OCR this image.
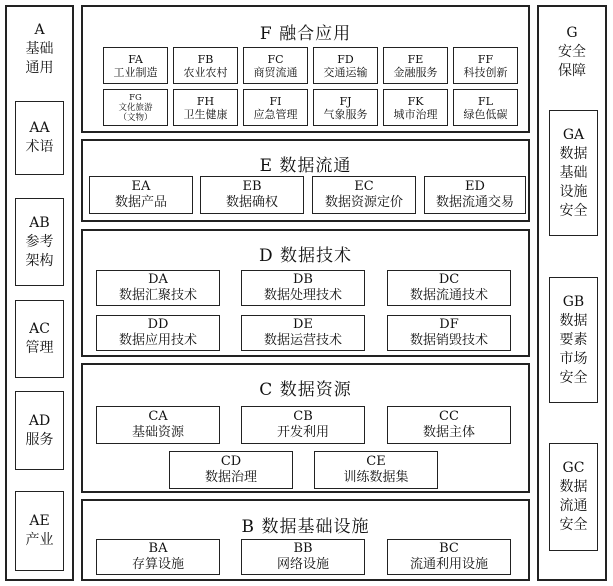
A
基础
通用
AA
术语
AB
参考
架构
AC
管理
AD
服务
AE
产业
G
安全
保障
GA
数据
基础
设施
安全
GB
数据
要素
市场
安全
GC
数据
流通
安全
F 融合应用
FA
工业制造
FB
农业农村
FC
商贸流通
FD
交通运输
FE
金融服务
FF
科技创新
FG
文化旅游
（文物）
FH
卫生健康
FI
应急管理
FJ
气象服务
FK
城市治理
FL
绿色低碳
E 数据流通
EA
数据产品
EB
数据确权
EC
数据资源定价
ED
数据流通交易
D 数据技术
DA
数据汇聚技术
DB
数据处理技术
DC
数据流通技术
DD
数据应用技术
DE
数据运营技术
DF
数据销毁技术
C 数据资源
CA
基础资源
CB
开发利用
CC
数据主体
CD
数据治理
CE
训练数据集
B 数据基础设施
BA
存算设施
BB
网络设施
BC
流通利用设施
